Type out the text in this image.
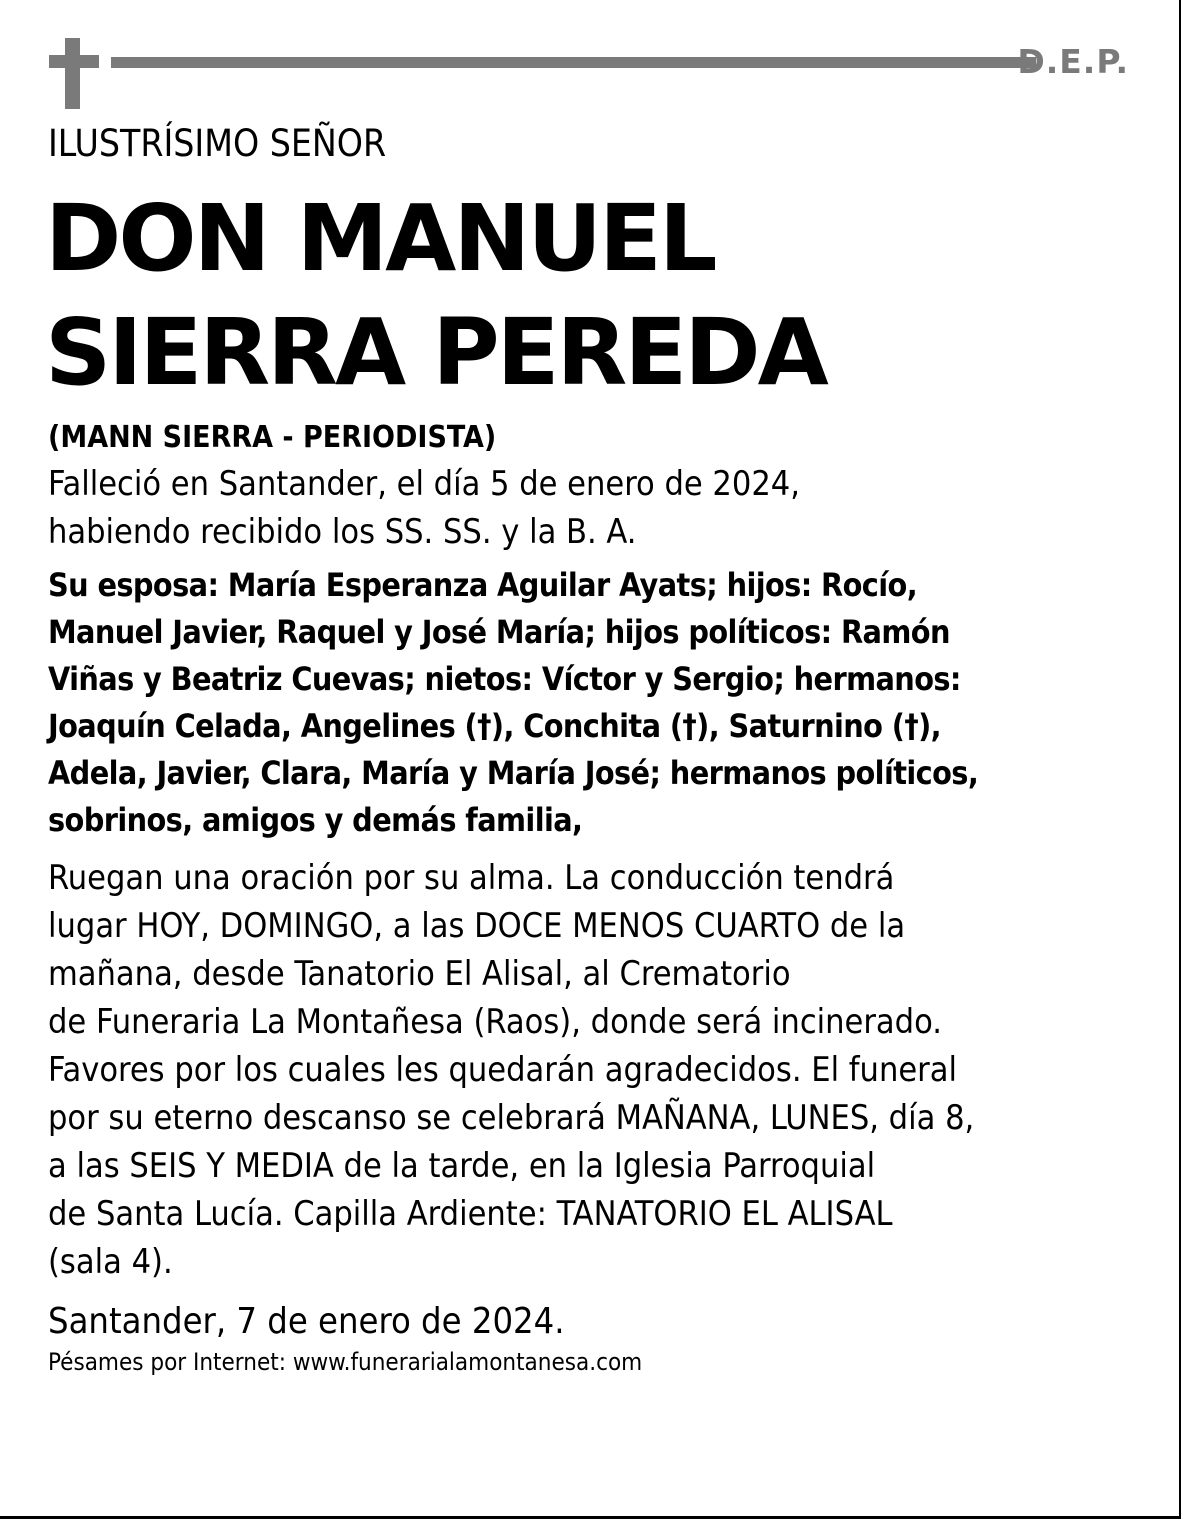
D.E.P.
ILUSTRÍSIMO SEÑOR
DON MANUEL
SIERRA PEREDA
(MANN SIERRA - PERIODISTA)
Falleció en Santander, el día 5 de enero de 2024,
habiendo recibido los SS. SS. y la B. A.
Su esposa: María Esperanza Aguilar Ayats; hijos: Rocío,
Manuel Javier, Raquel y José María; hijos políticos: Ramón
Viñas y Beatriz Cuevas; nietos: Víctor y Sergio; hermanos:
Joaquín Celada, Angelines (†), Conchita (†), Saturnino (†),
Adela, Javier, Clara, María y María José; hermanos políticos,
sobrinos, amigos y demás familia,
Ruegan una oración por su alma. La conducción tendrá
lugar HOY, DOMINGO, a las DOCE MENOS CUARTO de la
mañana, desde Tanatorio El Alisal, al Crematorio
de Funeraria La Montañesa (Raos), donde será incinerado.
Favores por los cuales les quedarán agradecidos. El funeral
por su eterno descanso se celebrará MAÑANA, LUNES, día 8,
a las SEIS Y MEDIA de la tarde, en la Iglesia Parroquial
de Santa Lucía. Capilla Ardiente: TANATORIO EL ALISAL
(sala 4).
Santander, 7 de enero de 2024.
Pésames por Internet: www.funerarialamontanesa.com
